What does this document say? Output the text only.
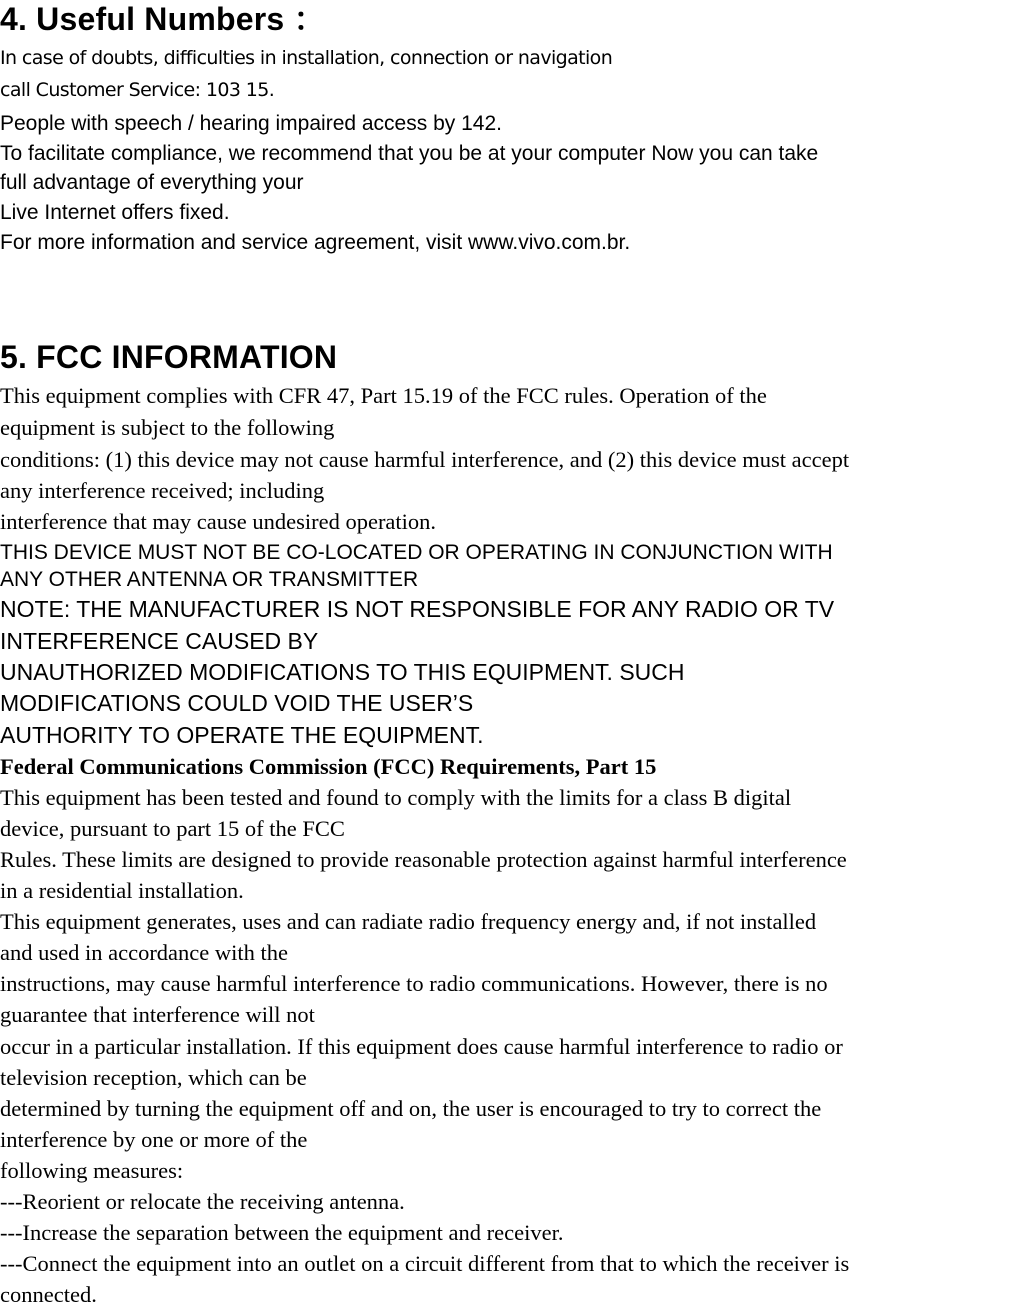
4. Useful Numbers ：
In case of doubts, difficulties in installation, connection or navigation
call Customer Service: 103 15.
People with speech / hearing impaired access by 142.
To facilitate compliance, we recommend that you be at your computer Now you can take
full advantage of everything your
Live Internet offers fixed.
For more information and service agreement, visit www.vivo.com.br.
5. FCC INFORMATION
This equipment complies with CFR 47, Part 15.19 of the FCC rules. Operation of the
equipment is subject to the following
conditions: (1) this device may not cause harmful interference, and (2) this device must accept
any interference received; including
interference that may cause undesired operation.
THIS DEVICE MUST NOT BE CO-LOCATED OR OPERATING IN CONJUNCTION WITH
ANY OTHER ANTENNA OR TRANSMITTER
NOTE: THE MANUFACTURER IS NOT RESPONSIBLE FOR ANY RADIO OR TV
INTERFERENCE CAUSED BY
UNAUTHORIZED MODIFICATIONS TO THIS EQUIPMENT. SUCH
MODIFICATIONS COULD VOID THE USER’S
AUTHORITY TO OPERATE THE EQUIPMENT.
Federal Communications Commission (FCC) Requirements, Part 15
This equipment has been tested and found to comply with the limits for a class B digital
device, pursuant to part 15 of the FCC
Rules. These limits are designed to provide reasonable protection against harmful interference
in a residential installation.
This equipment generates, uses and can radiate radio frequency energy and, if not installed
and used in accordance with the
instructions, may cause harmful interference to radio communications. However, there is no
guarantee that interference will not
occur in a particular installation. If this equipment does cause harmful interference to radio or
television reception, which can be
determined by turning the equipment off and on, the user is encouraged to try to correct the
interference by one or more of the
following measures:
---Reorient or relocate the receiving antenna.
---Increase the separation between the equipment and receiver.
---Connect the equipment into an outlet on a circuit different from that to which the receiver is
connected.
